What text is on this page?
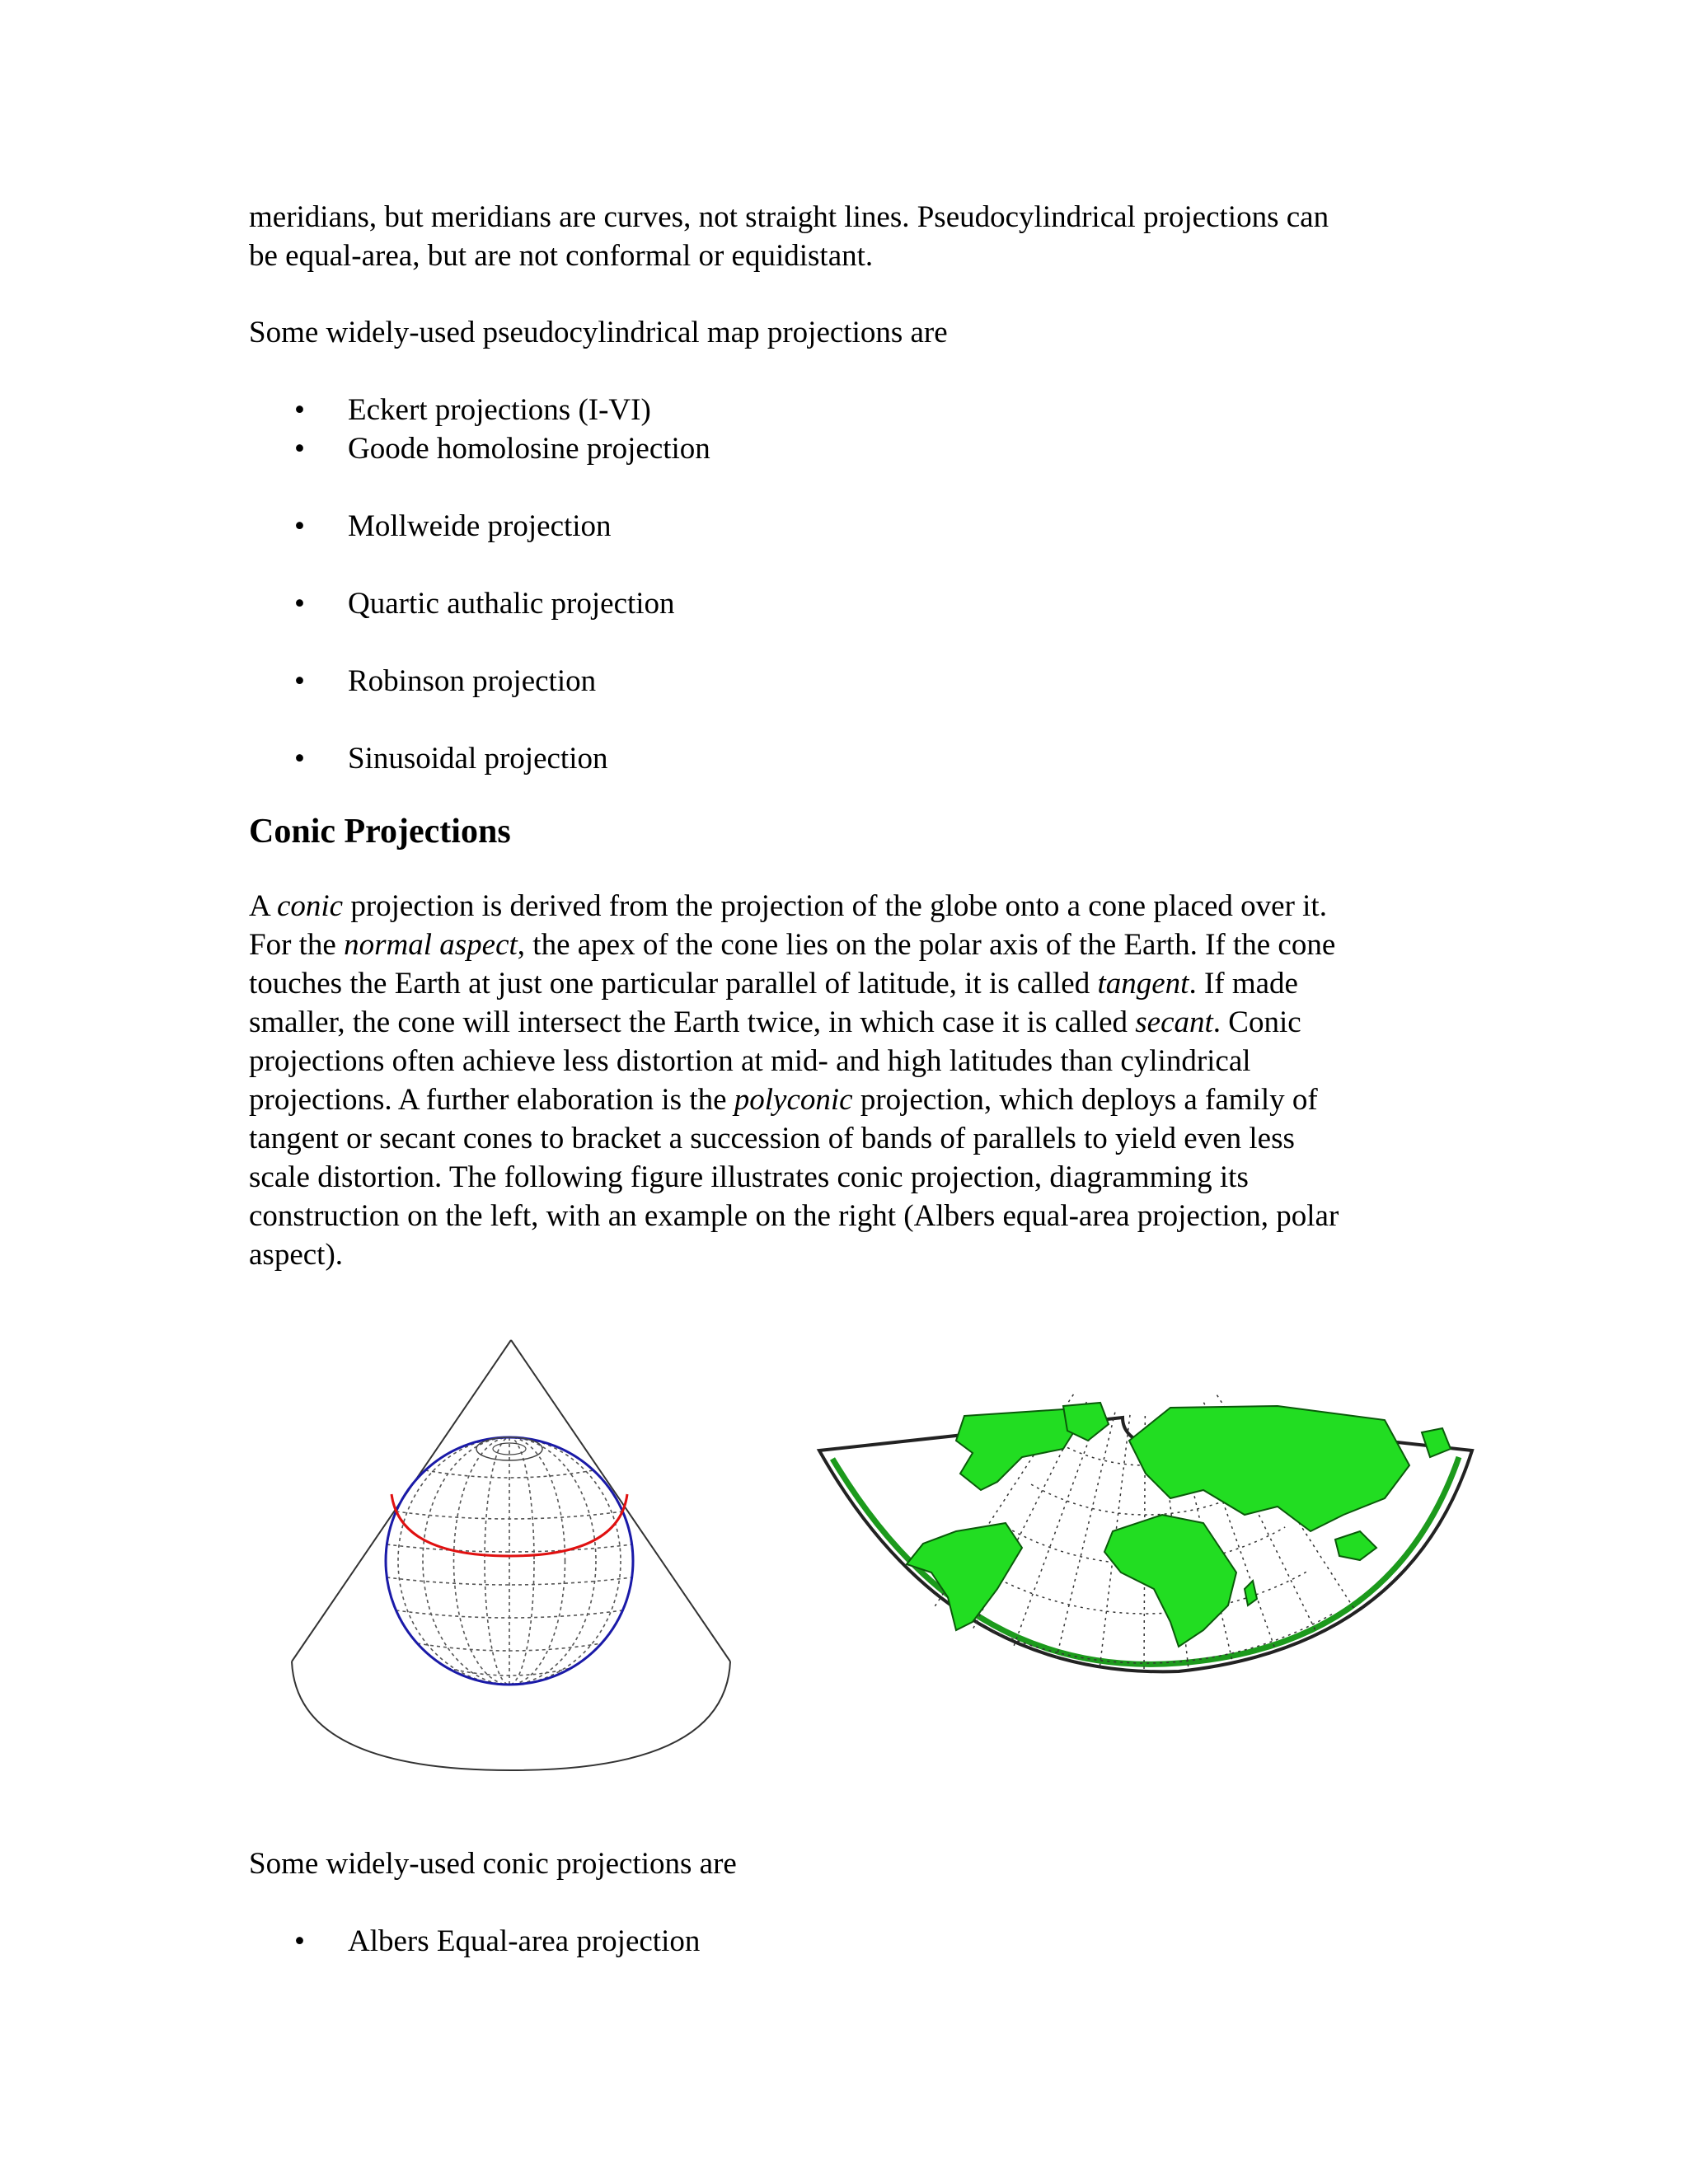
meridians, but meridians are curves, not straight lines. Pseudocylindrical projections can
be equal-area, but are not conformal or equidistant.

Some widely-used pseudocylindrical map projections are

• Eckert projections (I-VI)
• Goode homolosine projection
• Mollweide projection
• Quartic authalic projection
• Robinson projection
• Sinusoidal projection
Conic Projections

A conic projection is derived from the projection of the globe onto a cone placed over it.
For the normal aspect, the apex of the cone lies on the polar axis of the Earth. If the cone
touches the Earth at just one particular parallel of latitude, it is called tangent. If made
smaller, the cone will intersect the Earth twice, in which case it is called secant. Conic
projections often achieve less distortion at mid- and high latitudes than cylindrical
projections. A further elaboration is the polyconic projection, which deploys a family of
tangent or secant cones to bracket a succession of bands of parallels to yield even less
scale distortion. The following figure illustrates conic projection, diagramming its
construction on the left, with an example on the right (Albers equal-area projection, polar
aspect).

Some widely-used conic projections are

• Albers Equal-area projection
